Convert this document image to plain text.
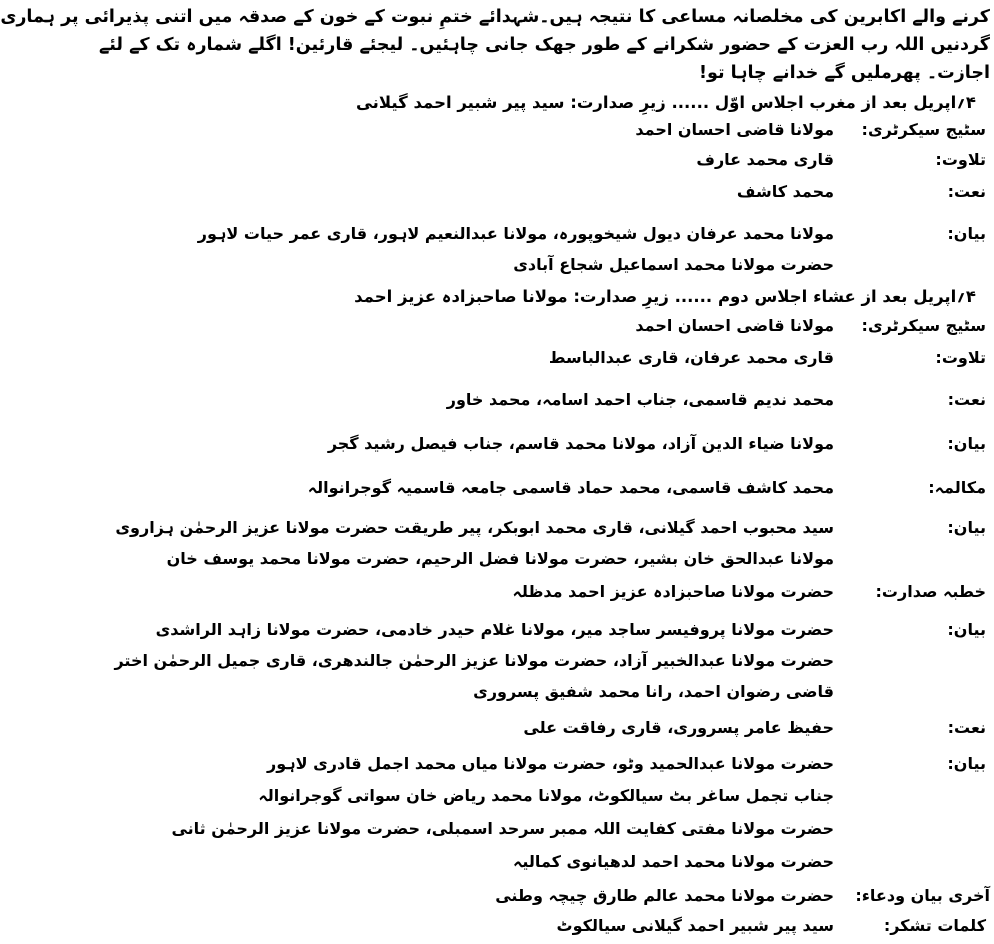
کرنے والے اکابرین کی مخلصانہ مساعی کا نتیجہ ہیں۔شہدائے ختمِ نبوت کے خون کے صدقہ میں اتنی پذیرائی پر ہماری
گردنیں اللہ رب العزت کے حضور شکرانے کے طور جھک جانی چاہئیں۔ لیجئے قارئین! اگلے شمارہ تک کے لئے
اجازت۔ پھرملیں گے خدانے چاہا تو!
۴؍اپریل بعد از مغرب اجلاس اوّل ...... زیرِ صدارت: سید پیر شبیر احمد گیلانی
سٹیج سیکرٹری:
مولانا قاضی احسان احمد
تلاوت:
قاری محمد عارف
نعت:
محمد کاشف
بیان:
مولانا محمد عرفان دیول شیخوپورہ، مولانا عبدالنعیم لاہور، قاری عمر حیات لاہور
حضرت مولانا محمد اسماعیل شجاع آبادی
۴؍اپریل بعد از عشاء اجلاس دوم ...... زیرِ صدارت: مولانا صاحبزادہ عزیز احمد
سٹیج سیکرٹری:
مولانا قاضی احسان احمد
تلاوت:
قاری محمد عرفان، قاری عبدالباسط
نعت:
محمد ندیم قاسمی، جناب احمد اسامہ، محمد خاور
بیان:
مولانا ضیاء الدین آزاد، مولانا محمد قاسم، جناب فیصل رشید گجر
مکالمہ:
محمد کاشف قاسمی، محمد حماد قاسمی جامعہ قاسمیہ گوجرانوالہ
بیان:
سید محبوب احمد گیلانی، قاری محمد ابوبکر، پیر طریقت حضرت مولانا عزیز الرحمٰن ہزاروی
مولانا عبدالحق خان بشیر، حضرت مولانا فضل الرحیم، حضرت مولانا محمد یوسف خان
خطبہ صدارت:
حضرت مولانا صاحبزادہ عزیز احمد مدظلہ
بیان:
حضرت مولانا پروفیسر ساجد میر، مولانا غلام حیدر خادمی، حضرت مولانا زاہد الراشدی
حضرت مولانا عبدالخبیر آزاد، حضرت مولانا عزیز الرحمٰن جالندھری، قاری جمیل الرحمٰن اختر
قاضی رضوان احمد، رانا محمد شفیق پسروری
نعت:
حفیظ عامر پسروری، قاری رفاقت علی
بیان:
حضرت مولانا عبدالحمید وٹو، حضرت مولانا میاں محمد اجمل قادری لاہور
جناب تجمل ساغر بٹ سیالکوٹ، مولانا محمد ریاض خان سواتی گوجرانوالہ
حضرت مولانا مفتی کفایت اللہ ممبر سرحد اسمبلی، حضرت مولانا عزیز الرحمٰن ثانی
حضرت مولانا محمد احمد لدھیانوی کمالیہ
آخری بیان ودعاء:
حضرت مولانا محمد عالم طارق چیچہ وطنی
کلمات تشکر:
سید پیر شبیر احمد گیلانی سیالکوٹ
